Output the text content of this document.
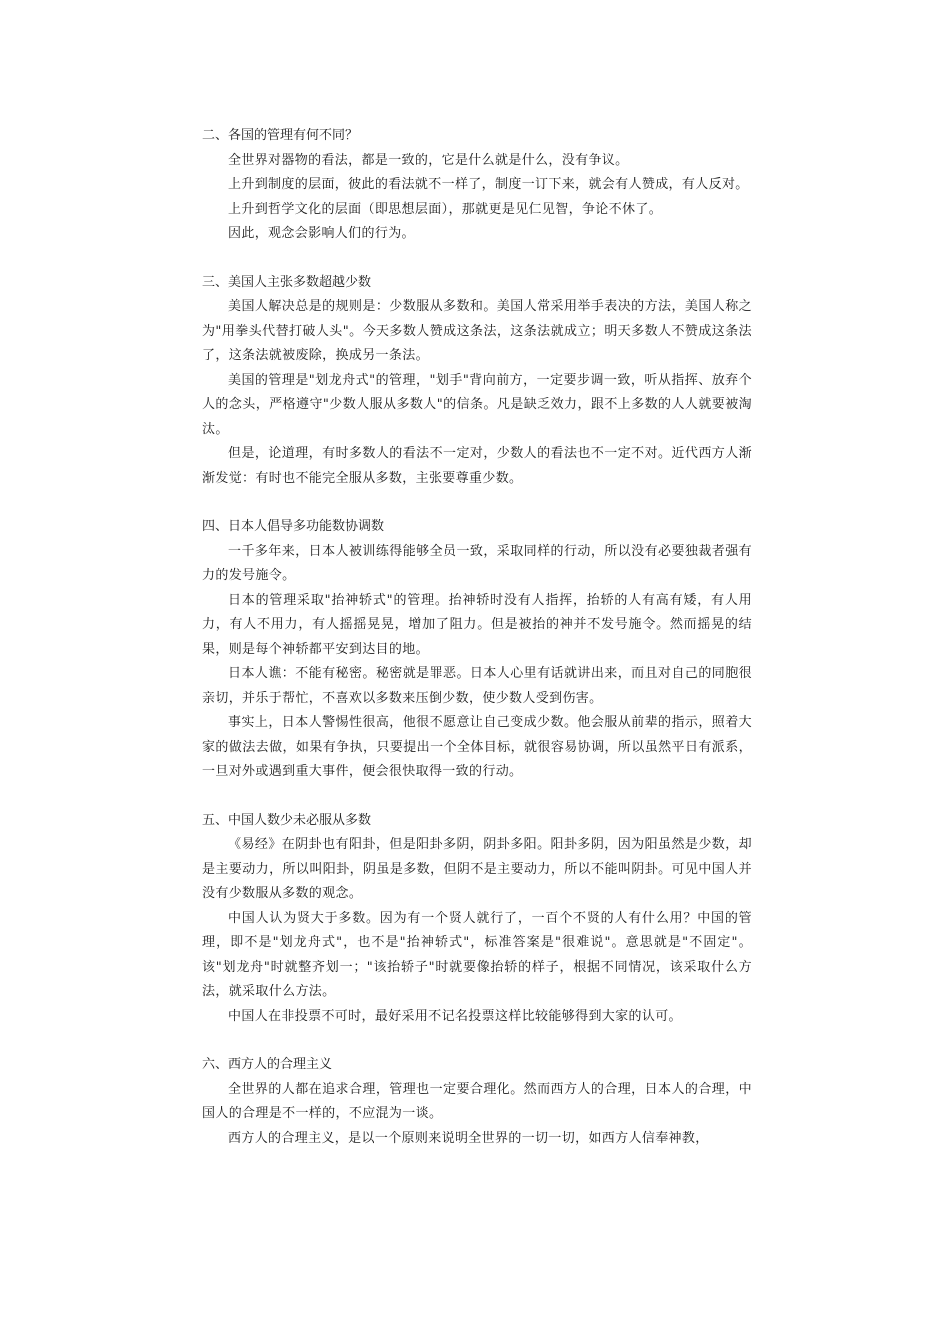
二、各国的管理有何不同？

全世界对器物的看法，都是一致的，它是什么就是什么，没有争议。

上升到制度的层面，彼此的看法就不一样了，制度一订下来，就会有人赞成，有人反对。

上升到哲学文化的层面（即思想层面），那就更是见仁见智，争论不休了。

因此，观念会影响人们的行为。

三、美国人主张多数超越少数

美国人解决总是的规则是：少数服从多数和。美国人常采用举手表决的方法，美国人称之为"用拳头代替打破人头"。今天多数人赞成这条法，这条法就成立；明天多数人不赞成这条法了，这条法就被废除，换成另一条法。

美国的管理是"划龙舟式"的管理，"划手"背向前方，一定要步调一致，听从指挥、放弃个人的念头，严格遵守"少数人服从多数人"的信条。凡是缺乏效力，跟不上多数的人人就要被淘汰。

但是，论道理，有时多数人的看法不一定对，少数人的看法也不一定不对。近代西方人渐渐发觉：有时也不能完全服从多数，主张要尊重少数。

四、日本人倡导多功能数协调数

一千多年来，日本人被训练得能够全员一致，采取同样的行动，所以没有必要独裁者强有力的发号施令。

日本的管理采取"抬神轿式"的管理。抬神轿时没有人指挥，抬轿的人有高有矮，有人用力，有人不用力，有人摇摇晃晃，增加了阻力。但是被抬的神并不发号施令。然而摇晃的结果，则是每个神轿都平安到达目的地。

日本人谯：不能有秘密。秘密就是罪恶。日本人心里有话就讲出来，而且对自己的同胞很亲切，并乐于帮忙，不喜欢以多数来压倒少数，使少数人受到伤害。

事实上，日本人警惕性很高，他很不愿意让自己变成少数。他会服从前辈的指示，照着大家的做法去做，如果有争执，只要提出一个全体目标，就很容易协调，所以虽然平日有派系，一旦对外或遇到重大事件，便会很快取得一致的行动。

五、中国人数少未必服从多数

《易经》在阴卦也有阳卦，但是阳卦多阴，阴卦多阳。阳卦多阴，因为阳虽然是少数，却是主要动力，所以叫阳卦，阴虽是多数，但阴不是主要动力，所以不能叫阴卦。可见中国人并没有少数服从多数的观念。

中国人认为贤大于多数。因为有一个贤人就行了，一百个不贤的人有什么用？中国的管理，即不是"划龙舟式"，也不是"抬神轿式"，标准答案是"很难说"。意思就是"不固定"。该"划龙舟"时就整齐划一；"该抬轿子"时就要像抬轿的样子，根据不同情况，该采取什么方法，就采取什么方法。

中国人在非投票不可时，最好采用不记名投票这样比较能够得到大家的认可。

六、西方人的合理主义

全世界的人都在追求合理，管理也一定要合理化。然而西方人的合理，日本人的合理，中国人的合理是不一样的，不应混为一谈。

西方人的合理主义，是以一个原则来说明全世界的一切一切，如西方人信奉神教，
